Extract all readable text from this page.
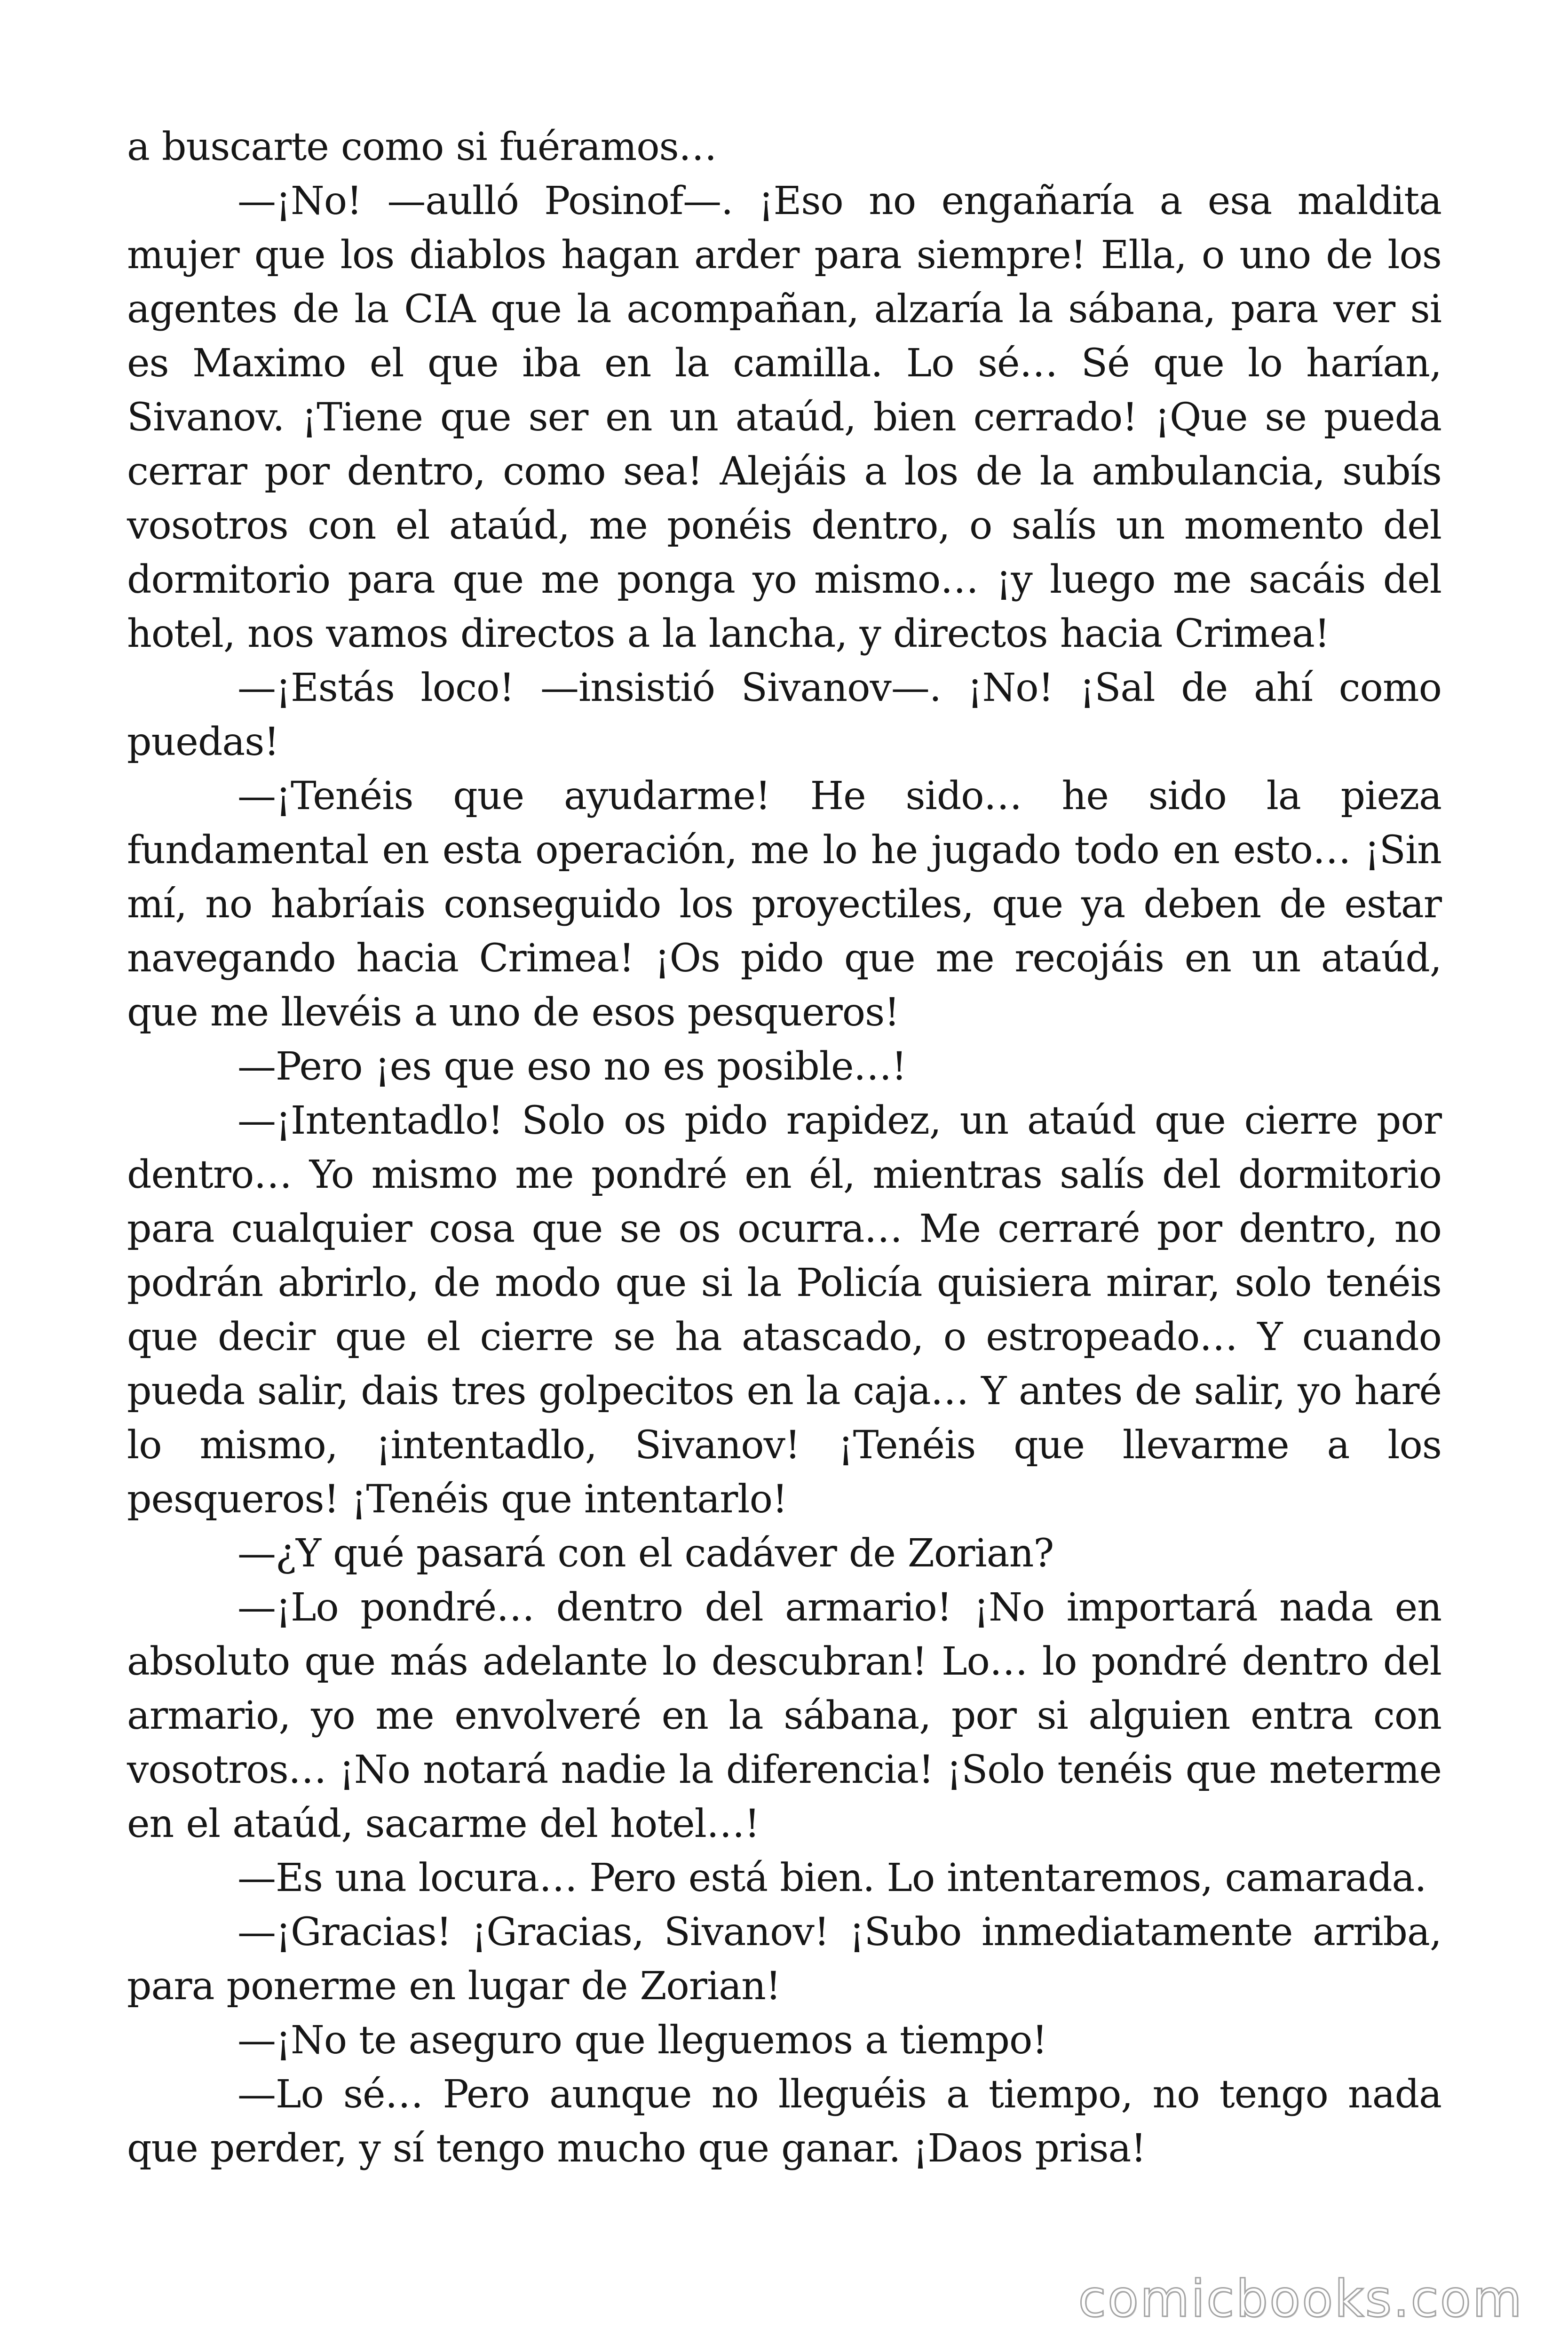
a buscarte como si fuéramos…

—¡No! —aulló Posinof—. ¡Eso no engañaría a esa maldita mujer que los diablos hagan arder para siempre! Ella, o uno de los agentes de la CIA que la acompañan, alzaría la sábana, para ver si es Maximo el que iba en la camilla. Lo sé… Sé que lo harían, Sivanov. ¡Tiene que ser en un ataúd, bien cerrado! ¡Que se pueda cerrar por dentro, como sea! Alejáis a los de la ambulancia, subís vosotros con el ataúd, me ponéis dentro, o salís un momento del dormitorio para que me ponga yo mismo… ¡y luego me sacáis del hotel, nos vamos directos a la lancha, y directos hacia Crimea!

—¡Estás loco! —insistió Sivanov—. ¡No! ¡Sal de ahí como puedas!

—¡Tenéis que ayudarme! He sido… he sido la pieza fundamental en esta operación, me lo he jugado todo en esto… ¡Sin mí, no habríais conseguido los proyectiles, que ya deben de estar navegando hacia Crimea! ¡Os pido que me recojáis en un ataúd, que me llevéis a uno de esos pesqueros!

—Pero ¡es que eso no es posible…!

—¡Intentadlo! Solo os pido rapidez, un ataúd que cierre por dentro… Yo mismo me pondré en él, mientras salís del dormitorio para cualquier cosa que se os ocurra… Me cerraré por dentro, no podrán abrirlo, de modo que si la Policía quisiera mirar, solo tenéis que decir que el cierre se ha atascado, o estropeado… Y cuando pueda salir, dais tres golpecitos en la caja… Y antes de salir, yo haré lo mismo, ¡intentadlo, Sivanov! ¡Tenéis que llevarme a los pesqueros! ¡Tenéis que intentarlo!

—¿Y qué pasará con el cadáver de Zorian?

—¡Lo pondré… dentro del armario! ¡No importará nada en absoluto que más adelante lo descubran! Lo… lo pondré dentro del armario, yo me envolveré en la sábana, por si alguien entra con vosotros… ¡No notará nadie la diferencia! ¡Solo tenéis que meterme en el ataúd, sacarme del hotel…!

—Es una locura… Pero está bien. Lo intentaremos, camarada.

—¡Gracias! ¡Gracias, Sivanov! ¡Subo inmediatamente arriba, para ponerme en lugar de Zorian!

—¡No te aseguro que lleguemos a tiempo!

—Lo sé… Pero aunque no lleguéis a tiempo, no tengo nada que perder, y sí tengo mucho que ganar. ¡Daos prisa!

comicbooks.com
